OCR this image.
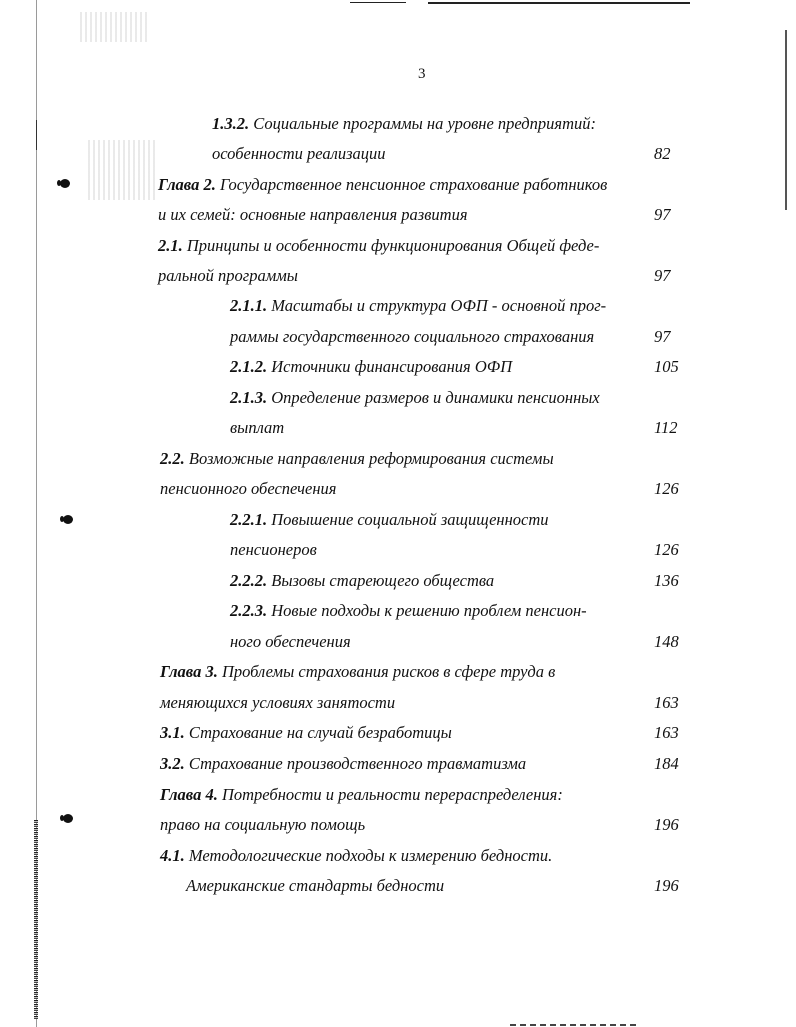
3
1.3.2. Социальные программы на уровне предприятий:
особенности реализации	82
Глава 2. Государственное пенсионное страхование работников
и их семей: основные направления развития	97
2.1. Принципы и особенности функционирования Общей феде-
ральной программы	97
2.1.1. Масштабы и структура ОФП - основной прог-
раммы государственного социального страхования	97
2.1.2. Источники финансирования ОФП	105
2.1.3. Определение размеров и динамики пенсионных
выплат	112
2.2. Возможные направления реформирования системы
пенсионного обеспечения	126
2.2.1. Повышение социальной защищенности
пенсионеров	126
2.2.2. Вызовы стареющего общества	136
2.2.3. Новые подходы к решению проблем пенсион-
ного обеспечения	148
Глава 3. Проблемы страхования рисков в сфере труда в
меняющихся условиях занятости	163
3.1. Страхование на случай безработицы	163
3.2. Страхование производственного травматизма	184
Глава 4. Потребности и реальности перераспределения:
право на социальную помощь	196
4.1. Методологические подходы к измерению бедности.
Американские стандарты бедности	196
